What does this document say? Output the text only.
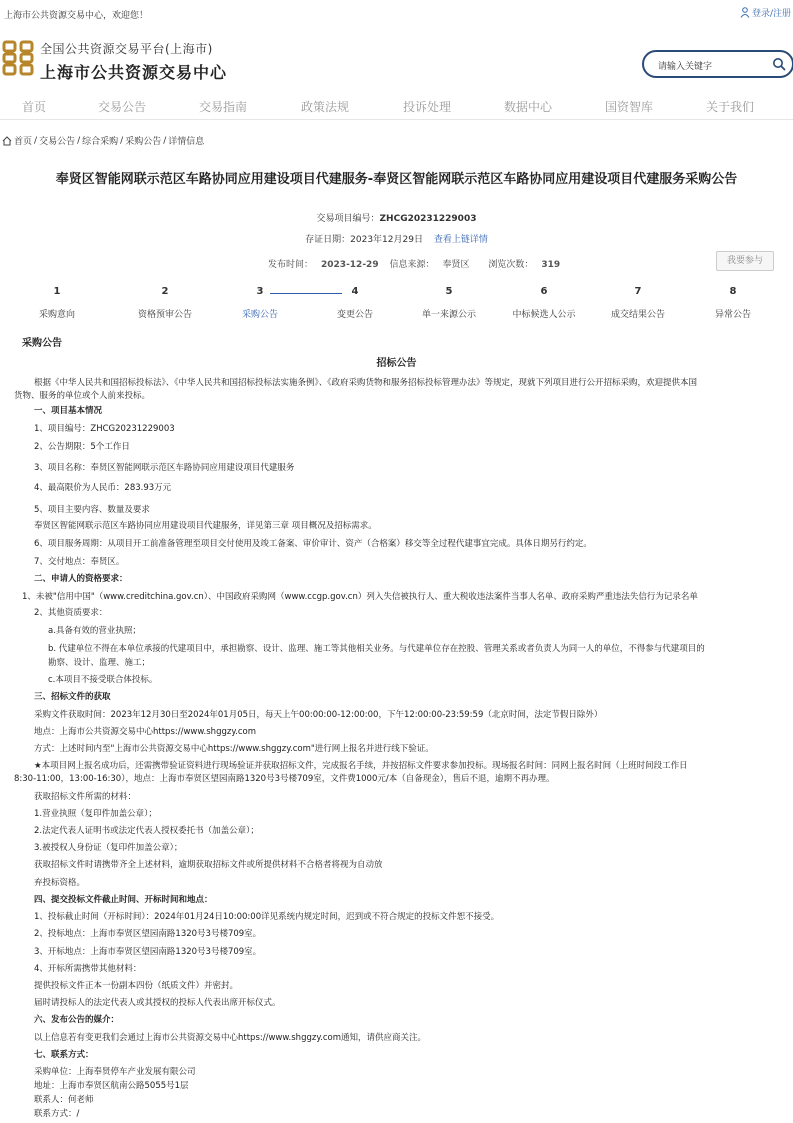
上海市公共资源交易中心，欢迎您！	登录/注册
全国公共资源交易平台(上海市)
上海市公共资源交易中心	请输入关键字
首页	交易公告	交易指南	政策法规	投诉处理	数据中心	国资智库	关于我们
首页 / 交易公告 / 综合采购 / 采购公告 / 详情信息
奉贤区智能网联示范区车路协同应用建设项目代建服务-奉贤区智能网联示范区车路协同应用建设项目代建服务采购公告
交易项目编号：ZHCG20231229003
存证日期：2023年12月29日 查看上链详情
发布时间： 2023-12-29 信息来源： 奉贤区 浏览次数： 319	我要参与
1
采购意向
2
资格预审公告
3
采购公告
4
变更公告
5
单一来源公示
6
中标候选人公示
7
成交结果公告
8
异常公告
采购公告
招标公告
根据《中华人民共和国招标投标法》、《中华人民共和国招标投标法实施条例》、《政府采购货物和服务招标投标管理办法》等规定，现就下列项目进行公开招标采购，欢迎提供本国
货物、服务的单位或个人前来投标。
一、项目基本情况
1、项目编号：ZHCG20231229003
2、公告期限：5个工作日
3、项目名称：奉贤区智能网联示范区车路协同应用建设项目代建服务
4、最高限价为人民币：283.93万元
5、项目主要内容、数量及要求
奉贤区智能网联示范区车路协同应用建设项目代建服务，详见第三章 项目概况及招标需求。
6、项目服务周期：从项目开工前准备管理至项目交付使用及竣工备案、审价审计、资产（合格案）移交等全过程代建事宜完成。具体日期另行约定。
7、交付地点：奉贤区。
二、申请人的资格要求：
1、未被"信用中国"（www.creditchina.gov.cn）、中国政府采购网（www.ccgp.gov.cn）列入失信被执行人、重大税收违法案件当事人名单、政府采购严重违法失信行为记录名单
2、其他资质要求：
a.具备有效的营业执照；
b. 代建单位不得在本单位承接的代建项目中，承担勘察、设计、监理、施工等其他相关业务。与代建单位存在控股、管理关系或者负责人为同一人的单位，不得参与代建项目的
勘察、设计、监理、施工；
c.本项目不接受联合体投标。
三、招标文件的获取
采购文件获取时间：2023年12月30日至2024年01月05日，每天上午00:00:00-12:00:00，下午12:00:00-23:59:59（北京时间，法定节假日除外）
地点：上海市公共资源交易中心https://www.shggzy.com
方式：上述时间内至"上海市公共资源交易中心https://www.shggzy.com"进行网上报名并进行线下验证。
★本项目网上报名成功后，还需携带验证资料进行现场验证并获取招标文件，完成报名手续，并按招标文件要求参加投标。现场报名时间：同网上报名时间（上班时间段工作日
8:30-11:00，13:00-16:30），地点：上海市奉贤区望园南路1320号3号楼709室，文件费1000元/本（自备现金），售后不退，逾期不再办理。
获取招标文件所需的材料：
1.营业执照（复印件加盖公章）；
2.法定代表人证明书或法定代表人授权委托书（加盖公章）；
3.被授权人身份证（复印件加盖公章）；
获取招标文件时请携带齐全上述材料，逾期获取招标文件或所提供材料不合格者将视为自动放
弃投标资格。
四、提交投标文件截止时间、开标时间和地点：
1、投标截止时间（开标时间）：2024年01月24日10:00:00详见系统内规定时间，迟到或不符合规定的投标文件恕不接受。
2、投标地点：上海市奉贤区望园南路1320号3号楼709室。
3、开标地点：上海市奉贤区望园南路1320号3号楼709室。
4、开标所需携带其他材料：
提供投标文件正本一份副本四份（纸质文件）并密封。
届时请投标人的法定代表人或其授权的投标人代表出席开标仪式。
六、发布公告的媒介：
以上信息若有变更我们会通过上海市公共资源交易中心https://www.shggzy.com通知，请供应商关注。
七、联系方式：
采购单位：上海奉贤停车产业发展有限公司
地址：上海市奉贤区航南公路5055号1层
联系人：何老师
联系方式：/
